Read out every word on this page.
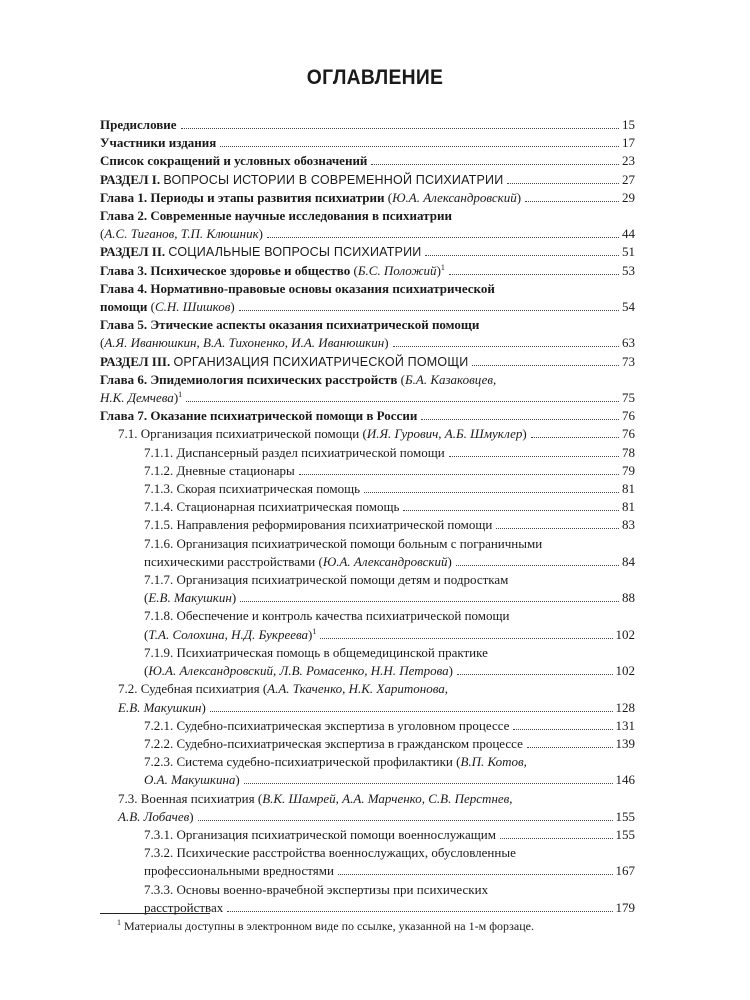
ОГЛАВЛЕНИЕ
Предисловие	15
Участники издания	17
Список сокращений и условных обозначений	23
РАЗДЕЛ I. ВОПРОСЫ ИСТОРИИ В СОВРЕМЕННОЙ ПСИХИАТРИИ	27
Глава 1. Периоды и этапы развития психиатрии (Ю.А. Александровский)	29
Глава 2. Современные научные исследования в психиатрии
(А.С. Тиганов, Т.П. Клюшник)	44
РАЗДЕЛ II. СОЦИАЛЬНЫЕ ВОПРОСЫ ПСИХИАТРИИ	51
Глава 3. Психическое здоровье и общество (Б.С. Положий)$^1$	53
Глава 4. Нормативно-правовые основы оказания психиатрической
помощи (С.Н. Шишков)	54
Глава 5. Этические аспекты оказания психиатрической помощи
(А.Я. Иванюшкин, В.А. Тихоненко, И.А. Иванюшкин)	63
РАЗДЕЛ III. ОРГАНИЗАЦИЯ ПСИХИАТРИЧЕСКОЙ ПОМОЩИ	73
Глава 6. Эпидемиология психических расстройств (Б.А. Казаковцев,
Н.К. Демчева)$^1$	75
Глава 7. Оказание психиатрической помощи в России	76
7.1. Организация психиатрической помощи (И.Я. Гурович, А.Б. Шмуклер)	76
7.1.1. Диспансерный раздел психиатрической помощи	78
7.1.2. Дневные стационары	79
7.1.3. Скорая психиатрическая помощь	81
7.1.4. Стационарная психиатрическая помощь	81
7.1.5. Направления реформирования психиатрической помощи	83
7.1.6. Организация психиатрической помощи больным с пограничными
психическими расстройствами (Ю.А. Александровский)	84
7.1.7. Организация психиатрической помощи детям и подросткам
(Е.В. Макушкин)	88
7.1.8. Обеспечение и контроль качества психиатрической помощи
(Т.А. Солохина, Н.Д. Букреева)$^1$	102
7.1.9. Психиатрическая помощь в общемедицинской практике
(Ю.А. Александровский, Л.В. Ромасенко, Н.Н. Петрова)	102
7.2. Судебная психиатрия (А.А. Ткаченко, Н.К. Харитонова,
Е.В. Макушкин)	128
7.2.1. Судебно-психиатрическая экспертиза в уголовном процессе	131
7.2.2. Судебно-психиатрическая экспертиза в гражданском процессе	139
7.2.3. Система судебно-психиатрической профилактики (В.П. Котов,
О.А. Макушкина)	146
7.3. Военная психиатрия (В.К. Шамрей, А.А. Марченко, С.В. Перстнев,
А.В. Лобачев)	155
7.3.1. Организация психиатрической помощи военнослужащим	155
7.3.2. Психические расстройства военнослужащих, обусловленные
профессиональными вредностями	167
7.3.3. Основы военно-врачебной экспертизы при психических
расстройствах	179
$^1$ Материалы доступны в электронном виде по ссылке, указанной на 1-м форзаце.
